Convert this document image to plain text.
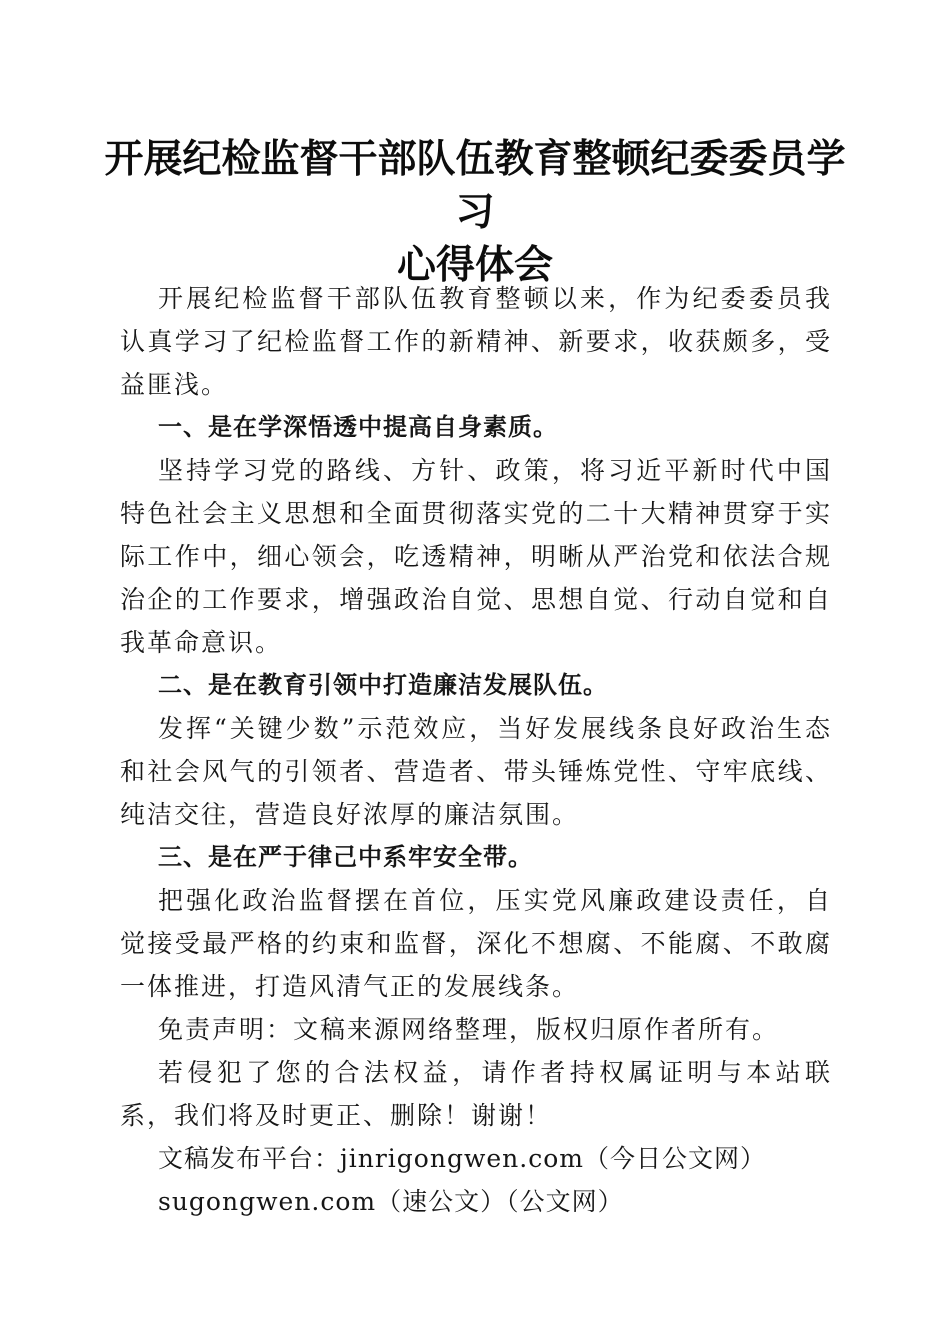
开展纪检监督干部队伍教育整顿纪委委员学习
心得体会

开展纪检监督干部队伍教育整顿以来，作为纪委委员我认真学习了纪检监督工作的新精神、新要求，收获颇多，受益匪浅。

一、是在学深悟透中提高自身素质。

坚持学习党的路线、方针、政策，将习近平新时代中国特色社会主义思想和全面贯彻落实党的二十大精神贯穿于实际工作中，细心领会，吃透精神，明晰从严治党和依法合规治企的工作要求，增强政治自觉、思想自觉、行动自觉和自我革命意识。

二、是在教育引领中打造廉洁发展队伍。

发挥“关键少数”示范效应，当好发展线条良好政治生态和社会风气的引领者、营造者、带头锤炼党性、守牢底线、纯洁交往，营造良好浓厚的廉洁氛围。

三、是在严于律己中系牢安全带。

把强化政治监督摆在首位，压实党风廉政建设责任，自觉接受最严格的约束和监督，深化不想腐、不能腐、不敢腐一体推进，打造风清气正的发展线条。

免责声明：文稿来源网络整理，版权归原作者所有。

若侵犯了您的合法权益，请作者持权属证明与本站联系，我们将及时更正、删除！谢谢！

文稿发布平台：jinrigongwen.com（今日公文网）

sugongwen.com（速公文）（公文网）
